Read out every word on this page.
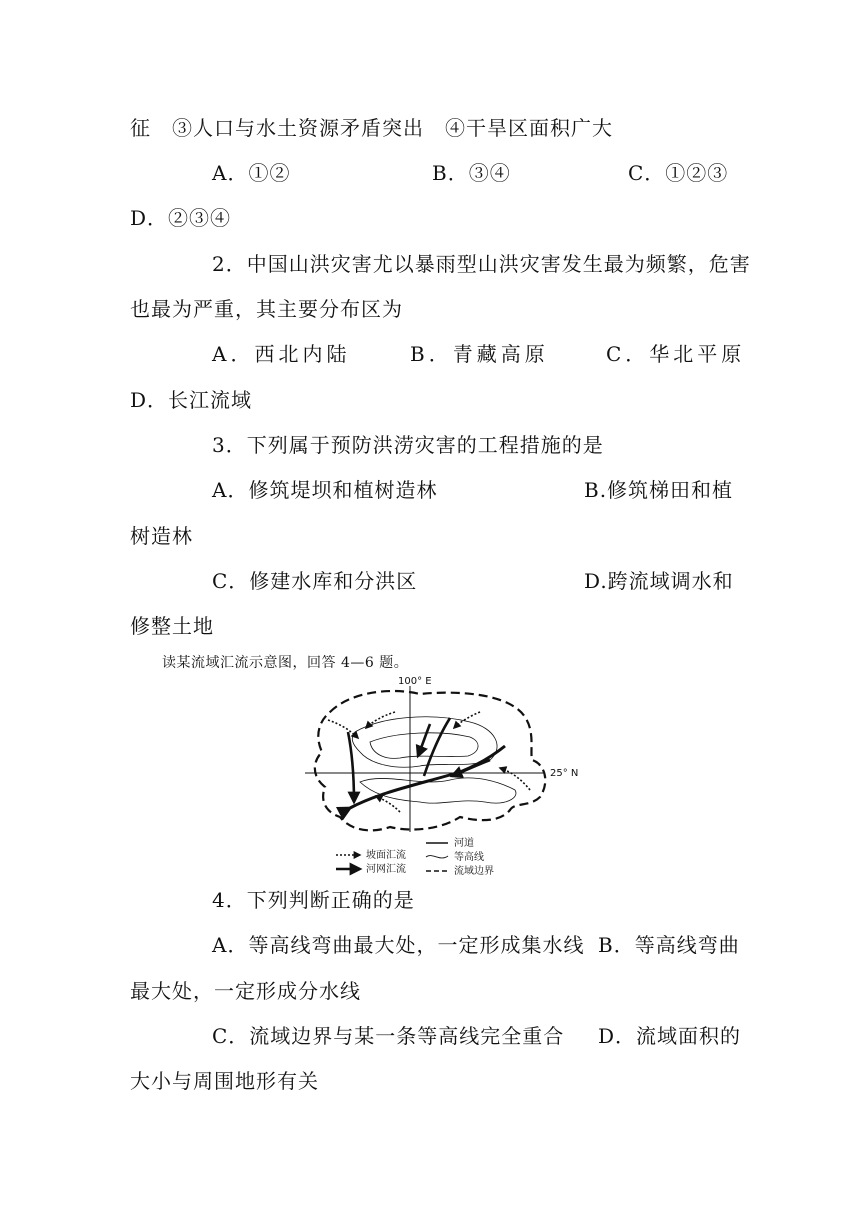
征　③人口与水土资源矛盾突出　④干旱区面积广大
A．①②	B．③④	C．①②③
D．②③④
2．中国山洪灾害尤以暴雨型山洪灾害发生最为频繁，危害
也最为严重，其主要分布区为
A．西北内陆	B．青藏高原	C．华北平原
D．长江流域
3．下列属于预防洪涝灾害的工程措施的是
A．修筑堤坝和植树造林	B.修筑梯田和植
树造林
C．修建水库和分洪区	D.跨流域调水和
修整土地
读某流域汇流示意图，回答 4—6 题。
100° E
25° N
坡面汇流
河网汇流
河道
等高线
流域边界
4．下列判断正确的是
A．等高线弯曲最大处，一定形成集水线 B．等高线弯曲
最大处，一定形成分水线
C．流域边界与某一条等高线完全重合 D．流域面积的
大小与周围地形有关
